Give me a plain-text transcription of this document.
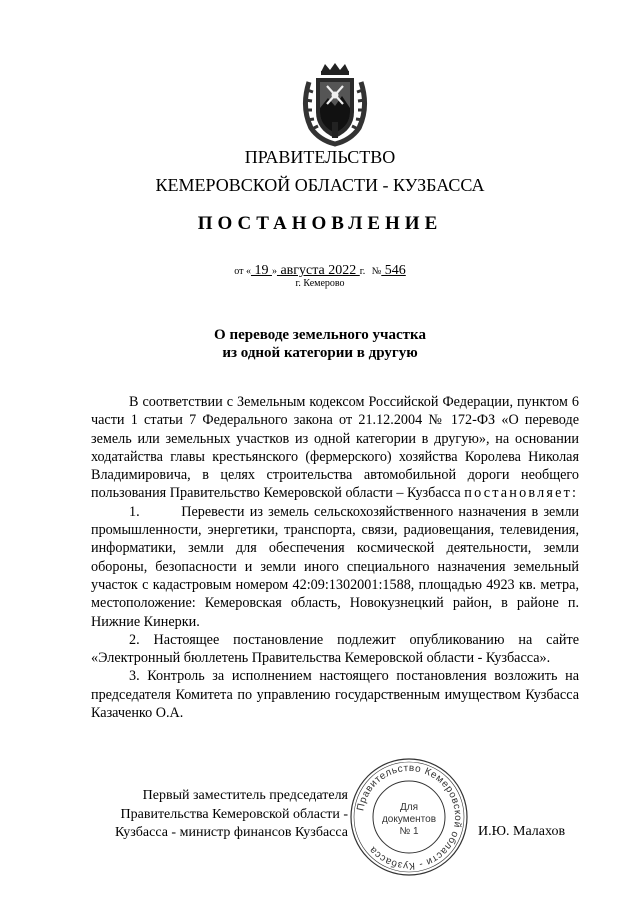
ПРАВИТЕЛЬСТВО
КЕМЕРОВСКОЙ ОБЛАСТИ - КУЗБАССА
ПОСТАНОВЛЕНИЕ
от « 19 » августа 2022 г. № 546
г. Кемерово
О переводе земельного участка
из одной категории в другую

В соответствии с Земельным кодексом Российской Федерации, пунктом 6 части 1 статьи 7 Федерального закона от 21.12.2004 № 172-ФЗ «О переводе земель или земельных участков из одной категории в другую», на основании ходатайства главы крестьянского (фермерского) хозяйства Королева Николая Владимировича, в целях строительства автомобильной дороги необщего пользования Правительство Кемеровской области – Кузбасса постановляет:

1.	Перевести из земель сельскохозяйственного назначения в земли промышленности, энергетики, транспорта, связи, радиовещания, телевидения, информатики, земли для обеспечения космической деятельности, земли обороны, безопасности и земли иного специального назначения земельный участок с кадастровым номером 42:09:1302001:1588, площадью 4923 кв. метра, местоположение: Кемеровская область, Новокузнецкий район, в районе п. Нижние Кинерки.

2. Настоящее постановление подлежит опубликованию на сайте «Электронный бюллетень Правительства Кемеровской области - Кузбасса».

3. Контроль за исполнением настоящего постановления возложить на председателя Комитета по управлению государственным имуществом Кузбасса Казаченко О.А.

Первый заместитель председателя
Правительства Кемеровской области -
Кузбасса - министр финансов Кузбасса
Правительство Кемеровской области - Кузбасса
Для
документов
№ 1	И.Ю. Малахов
